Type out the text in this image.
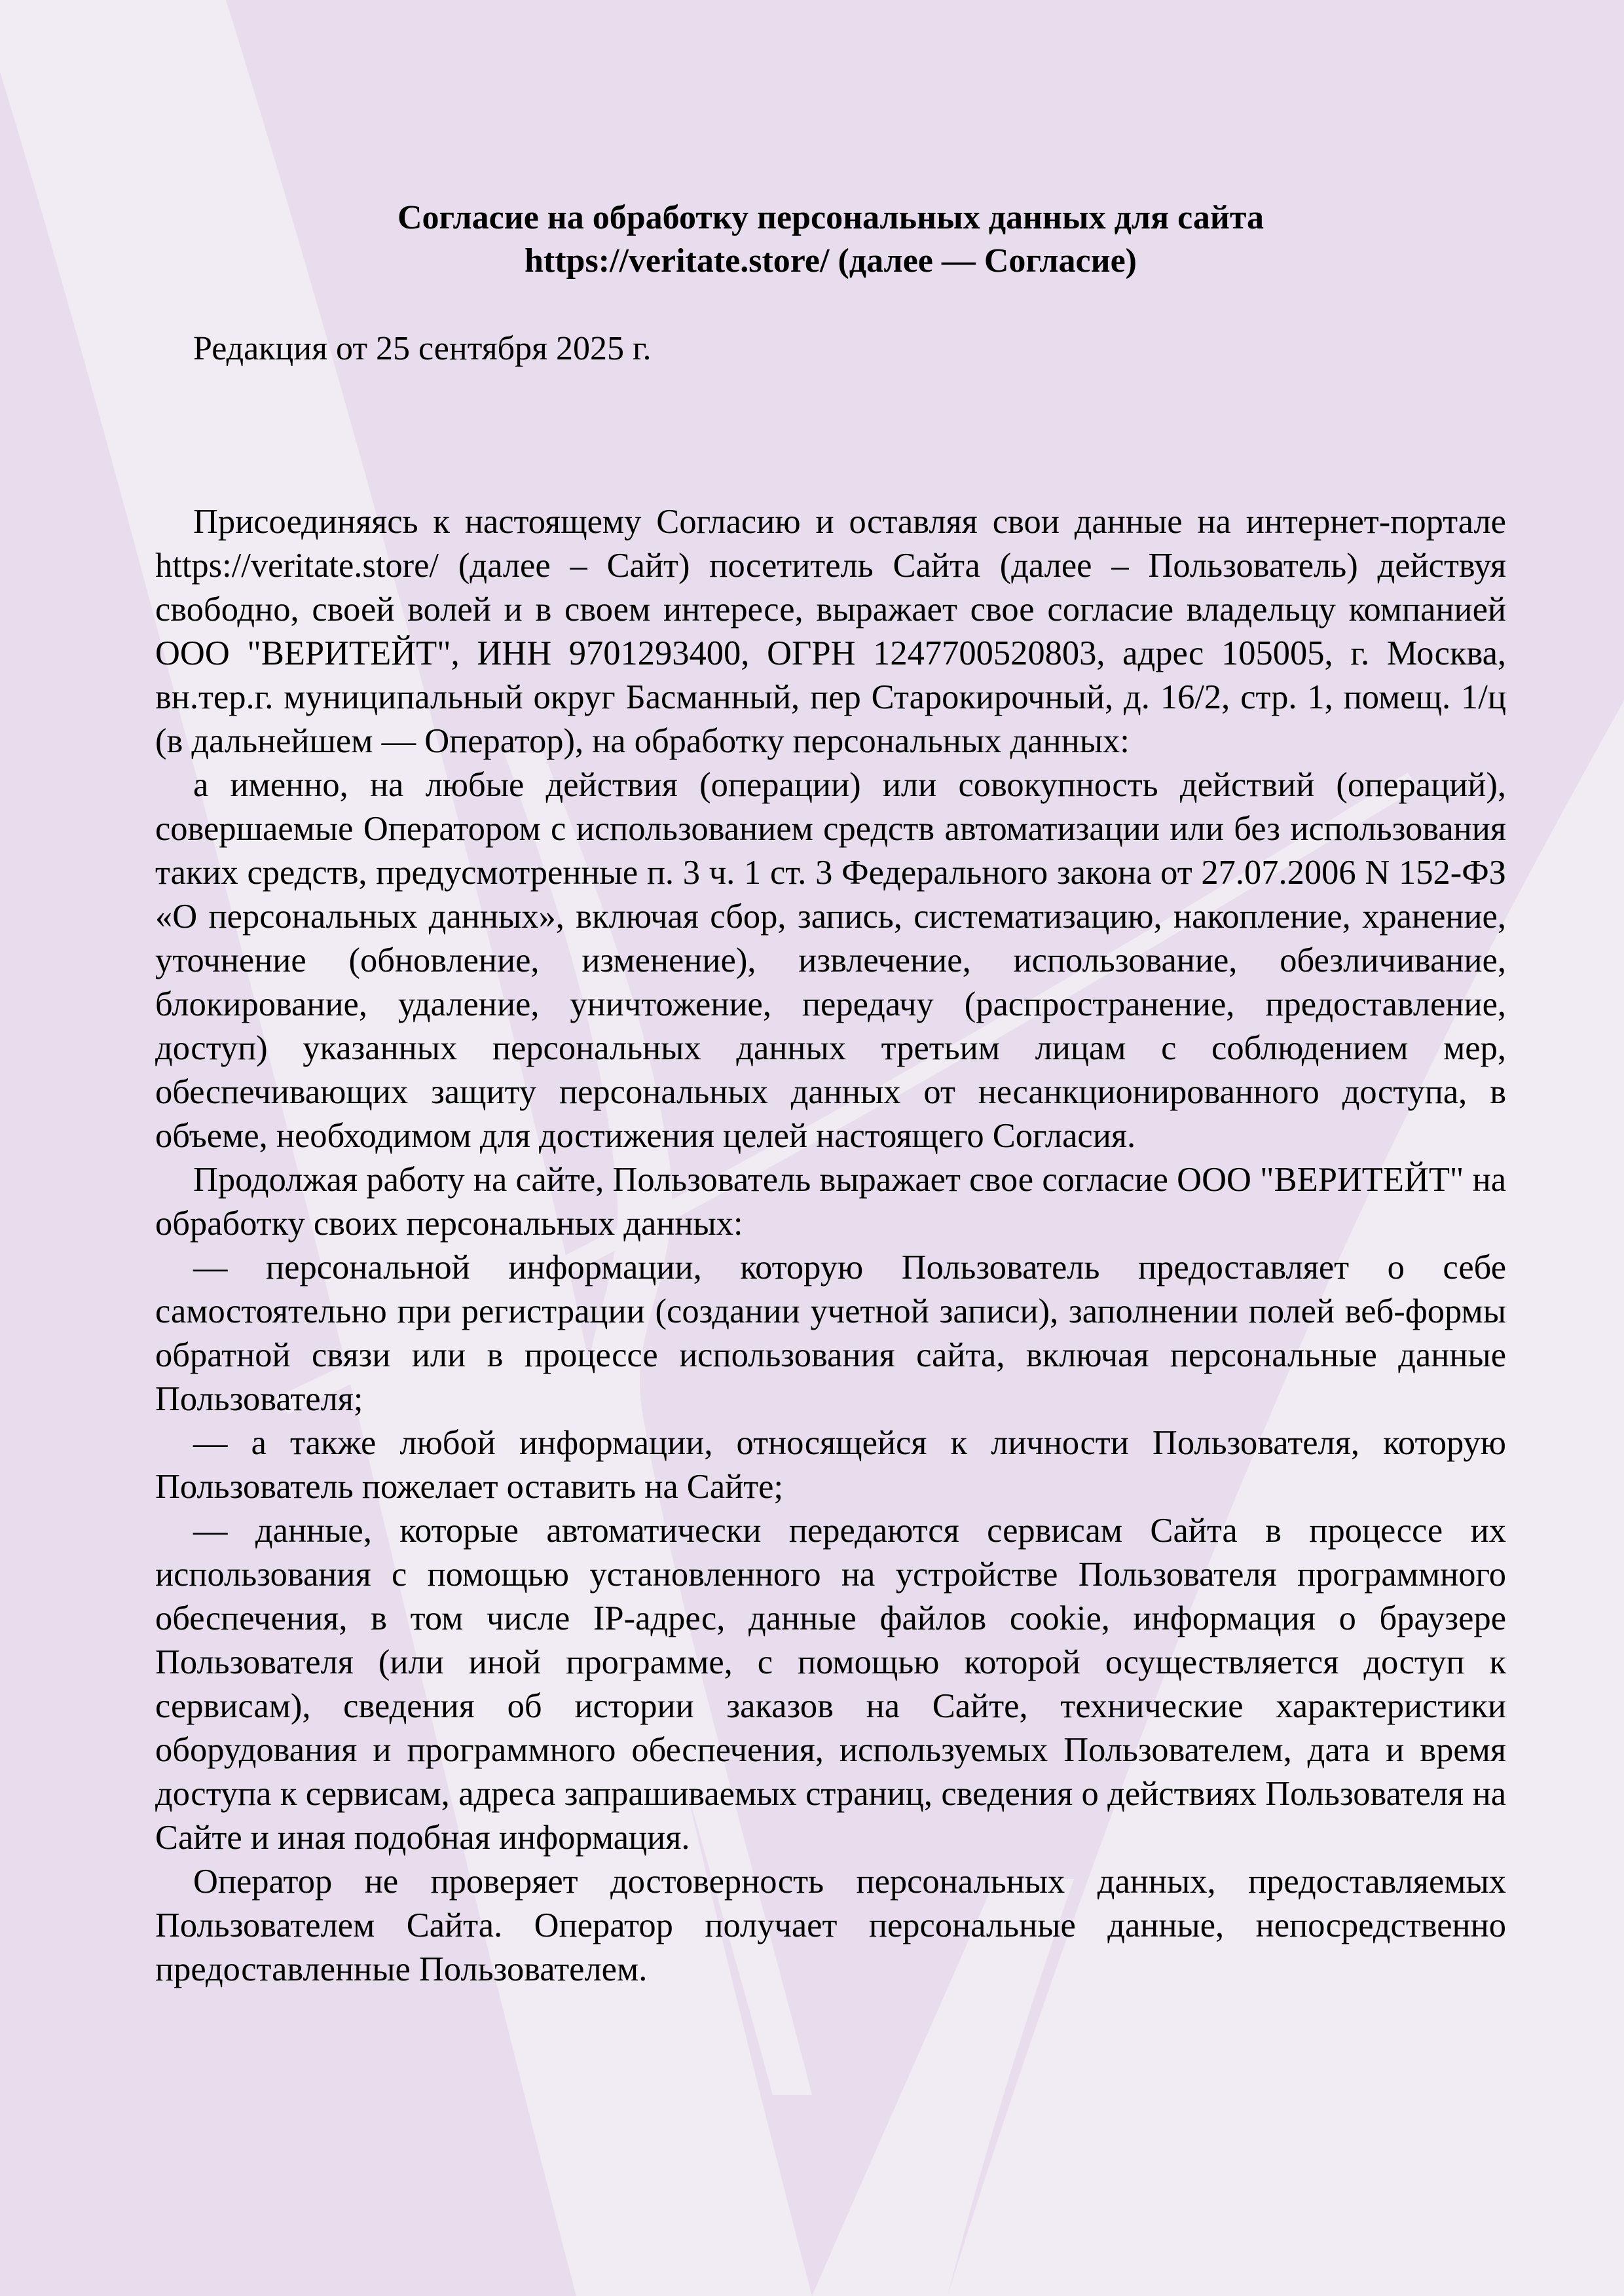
Согласие на обработку персональных данных для сайта
https://veritate.store/ (далее — Согласие)

Редакция от 25 сентября 2025 г.

Присоединяясь к настоящему Согласию и оставляя свои данные на интернет-портале https://veritate.store/ (далее – Сайт) посетитель Сайта (далее – Пользователь) действуя свободно, своей волей и в своем интересе, выражает свое согласие владельцу компанией ООО "ВЕРИТЕЙТ", ИНН 9701293400, ОГРН 1247700520803, адрес 105005, г. Москва, вн.тер.г. муниципальный округ Басманный, пер Старокирочный, д. 16/2, стр. 1, помещ. 1/ц (в дальнейшем — Оператор), на обработку персональных данных:

а именно, на любые действия (операции) или совокупность действий (операций), совершаемые Оператором с использованием средств автоматизации или без использования таких средств, предусмотренные п. 3 ч. 1 ст. 3 Федерального закона от 27.07.2006 N 152-ФЗ «О персональных данных», включая сбор, запись, систематизацию, накопление, хранение, уточнение (обновление, изменение), извлечение, использование, обезличивание, блокирование, удаление, уничтожение, передачу (распространение, предоставление, доступ) указанных персональных данных третьим лицам с соблюдением мер, обеспечивающих защиту персональных данных от несанкционированного доступа, в объеме, необходимом для достижения целей настоящего Согласия.

Продолжая работу на сайте, Пользователь выражает свое согласие ООО "ВЕРИТЕЙТ" на обработку своих персональных данных:

— персональной информации, которую Пользователь предоставляет о себе самостоятельно при регистрации (создании учетной записи), заполнении полей веб-формы обратной связи или в процессе использования сайта, включая персональные данные Пользователя;

— а также любой информации, относящейся к личности Пользователя, которую Пользователь пожелает оставить на Сайте;

— данные, которые автоматически передаются сервисам Сайта в процессе их использования с помощью установленного на устройстве Пользователя программного обеспечения, в том числе IP-адрес, данные файлов cookie, информация о браузере Пользователя (или иной программе, с помощью которой осуществляется доступ к сервисам), сведения об истории заказов на Сайте, технические характеристики оборудования и программного обеспечения, используемых Пользователем, дата и время доступа к сервисам, адреса запрашиваемых страниц, сведения о действиях Пользователя на Сайте и иная подобная информация.

Оператор не проверяет достоверность персональных данных, предоставляемых Пользователем Сайта. Оператор получает персональные данные, непосредственно предоставленные Пользователем.
